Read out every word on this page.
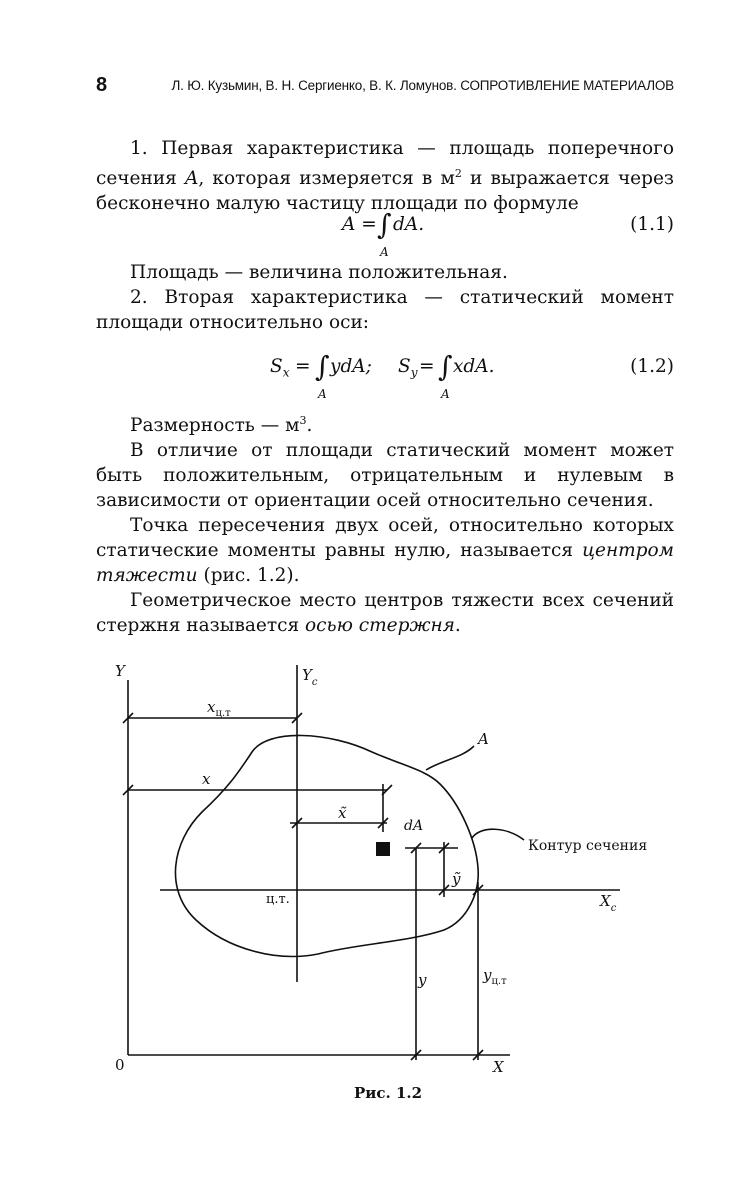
8	Л. Ю. Кузьмин, В. Н. Сергиенко, В. К. Ломунов. СОПРОТИВЛЕНИЕ МАТЕРИАЛОВ

1. Первая характеристика — площадь поперечного сечения A, которая измеряется в $м^2$ и выражается через бесконечно малую частицу площади по формуле

A = ∫ dA.
A
(1.1)

Площадь — величина положительная.

2. Вторая характеристика — статический момент площади относительно оси:

$S_x$ = ∫ ydA;
A
$S_y$ = ∫ xdA.
A
(1.2)

Размерность — $м^3$.

В отличие от площади статический момент может быть положительным, отрицательным и нулевым в зависимости от ориентации осей относительно сечения.

Точка пересечения двух осей, относительно которых статические моменты равны нулю, называется центром тяжести (рис. 1.2).

Геометрическое место центров тяжести всех сечений стержня называется осью стержня.

Y	$Y_c$
$x_{ц.т}$
A
x
x̃
dA
Контур сечения
ỹ
ц.т.	$X_c$
y	$y_{ц.т}$
0	X
Рис. 1.2
